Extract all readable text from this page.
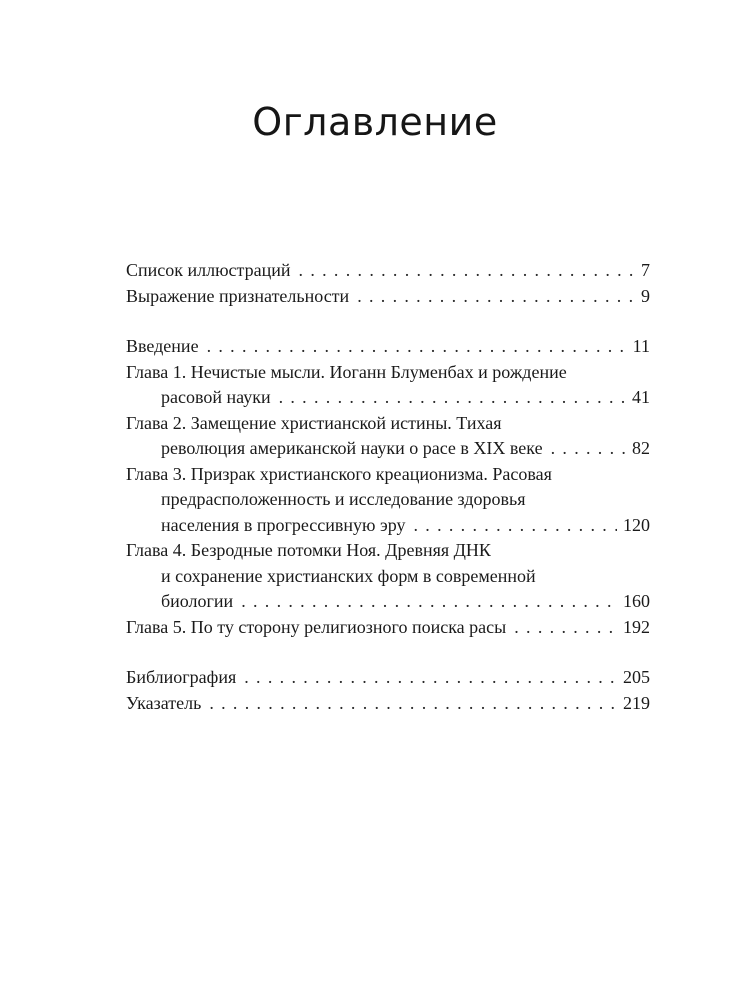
Оглавление
Список иллюстраций . . .	7
Выражение признательности . . .	9
Введение . . .	11
Глава 1. Нечистые мысли. Иоганн Блуменбах и рождение
расовой науки . . .	41
Глава 2. Замещение христианской истины. Тихая
революция американской науки о расе в XIX веке . . .	82
Глава 3. Призрак христианского креационизма. Расовая
предрасположенность и исследование здоровья
населения в прогрессивную эру . . .	120
Глава 4. Безродные потомки Ноя. Древняя ДНК
и сохранение христианских форм в современной
биологии . . .	160
Глава 5. По ту сторону религиозного поиска расы . . .	192
Библиография . . .	205
Указатель . . .	219
